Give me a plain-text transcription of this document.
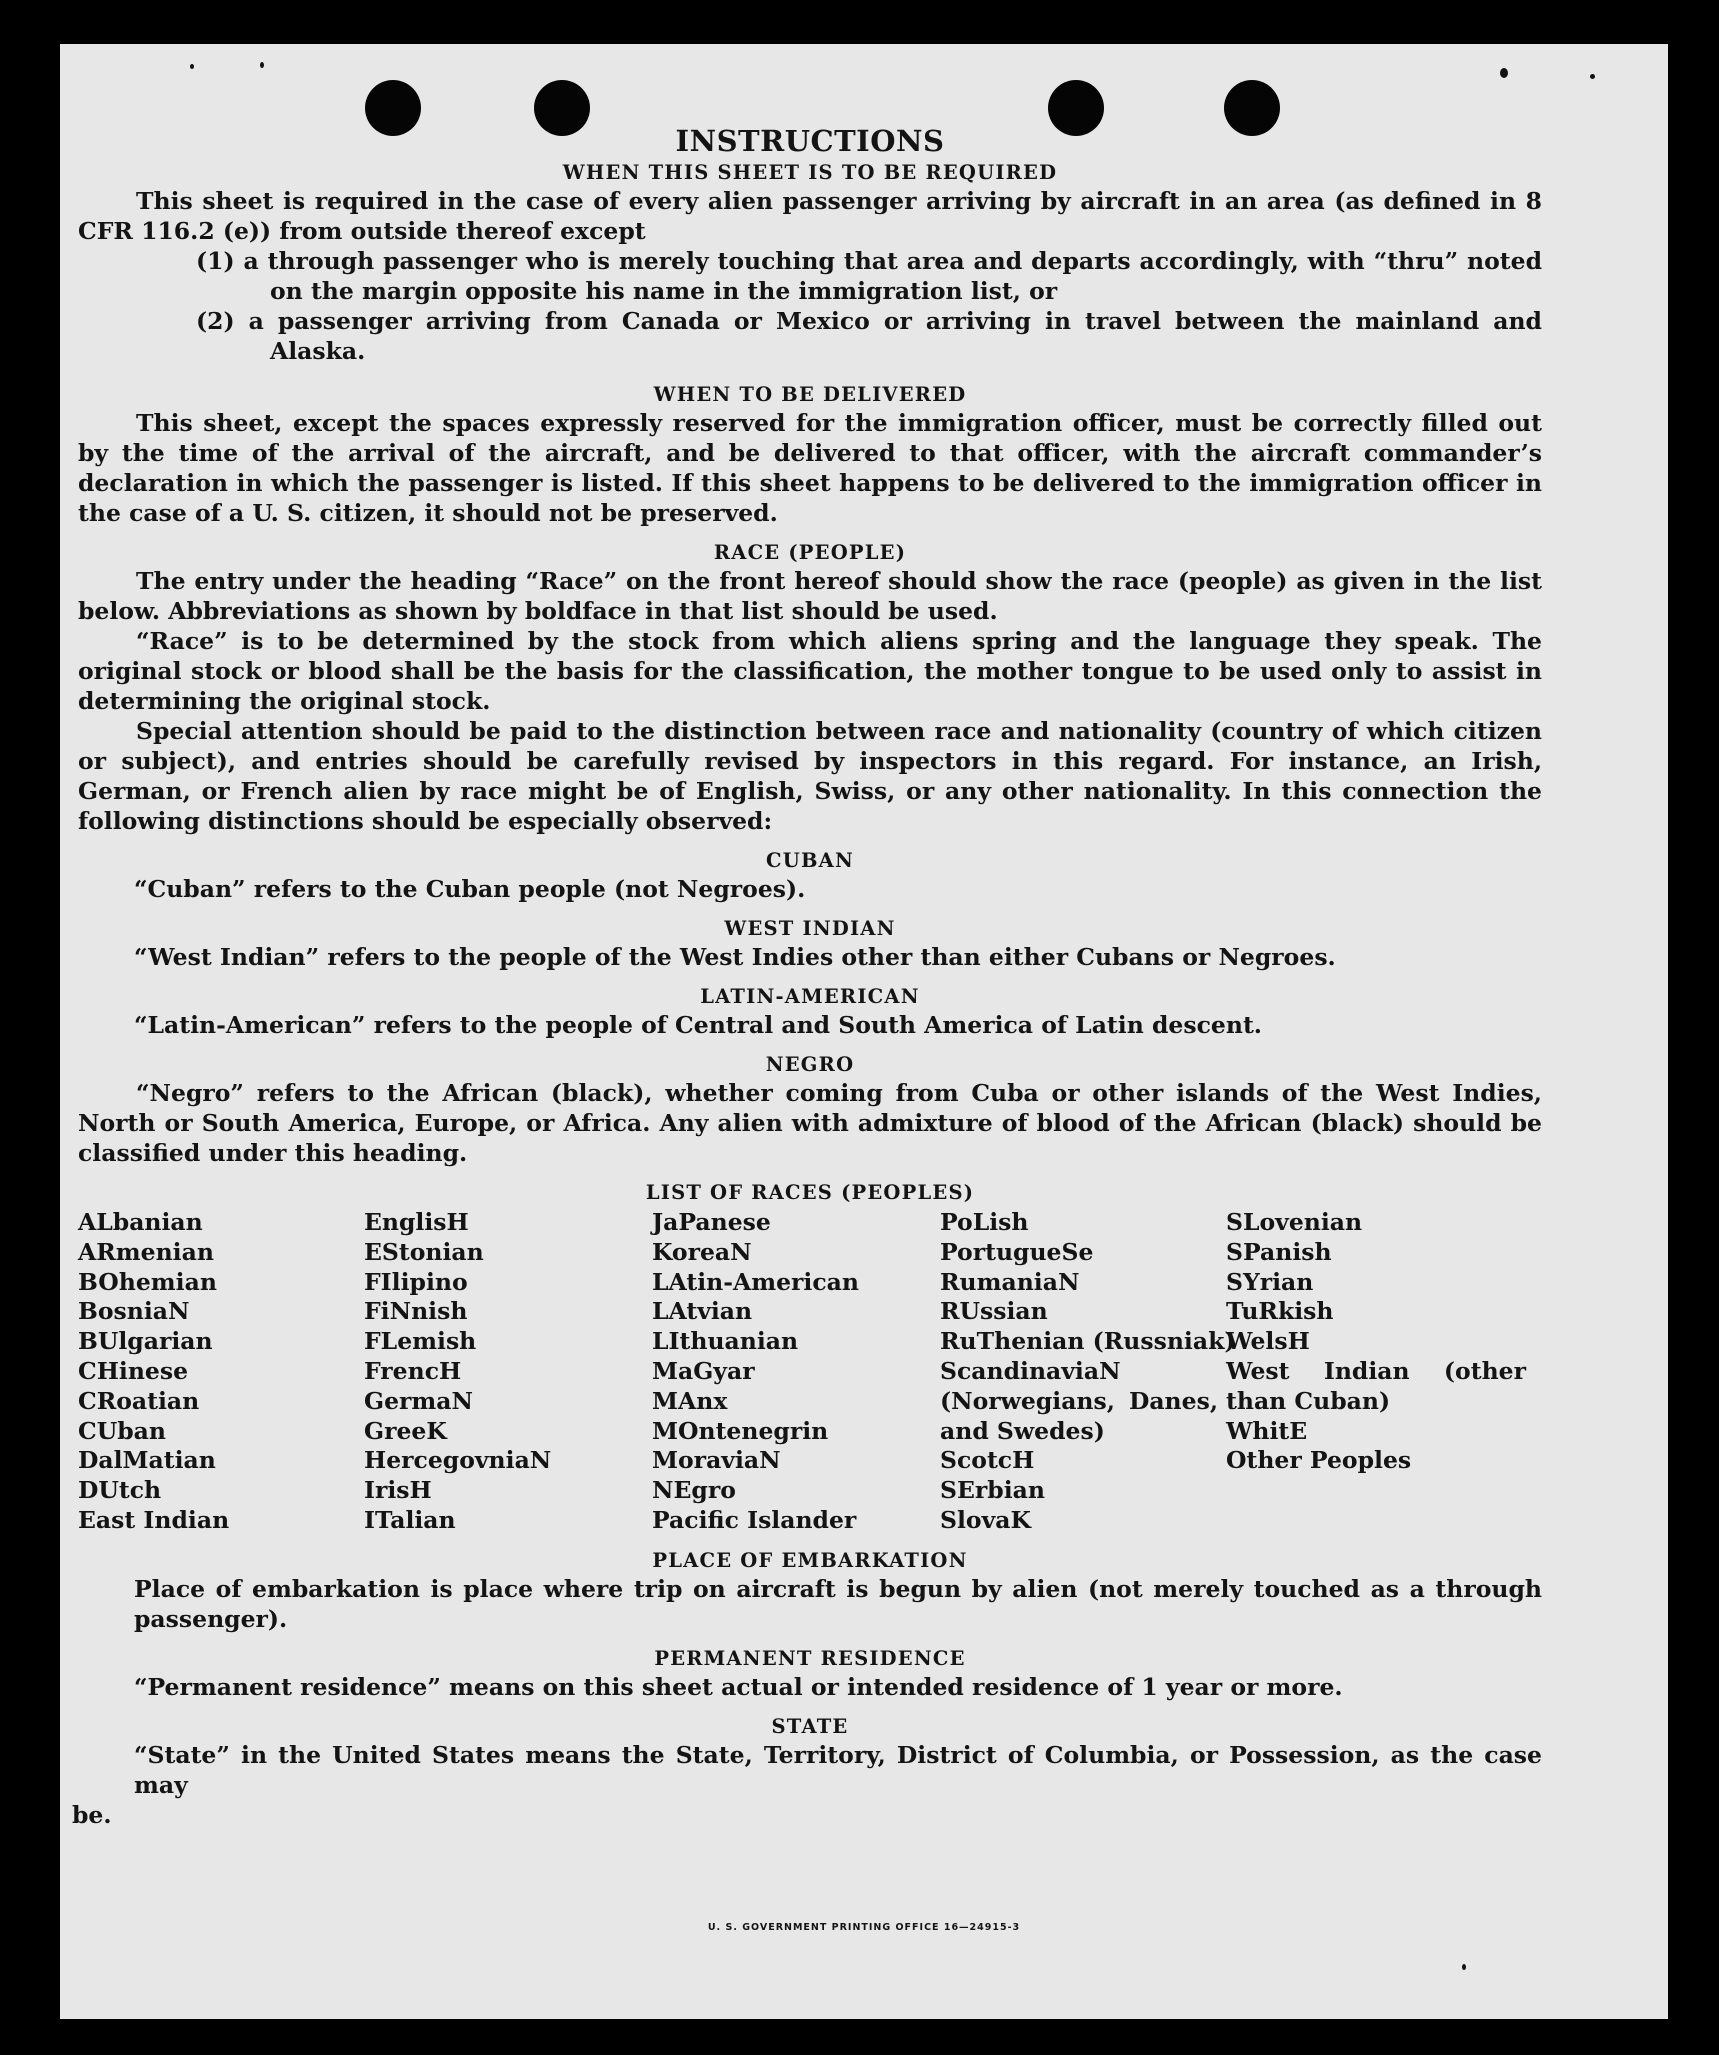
INSTRUCTIONS
WHEN THIS SHEET IS TO BE REQUIRED

This sheet is required in the case of every alien passenger arriving by aircraft in an area (as defined in 8 CFR 116.2 (e)) from outside thereof except

(1) a through passenger who is merely touching that area and departs accordingly, with “thru” noted on the margin opposite his name in the immigration list, or

(2) a passenger arriving from Canada or Mexico or arriving in travel between the mainland and Alaska.

WHEN TO BE DELIVERED

This sheet, except the spaces expressly reserved for the immigration officer, must be correctly filled out by the time of the arrival of the aircraft, and be delivered to that officer, with the aircraft commander’s declaration in which the passenger is listed. If this sheet happens to be delivered to the immigration officer in the case of a U. S. citizen, it should not be preserved.

RACE (PEOPLE)

The entry under the heading “Race” on the front hereof should show the race (people) as given in the list below. Abbreviations as shown by boldface in that list should be used.

“Race” is to be determined by the stock from which aliens spring and the language they speak. The original stock or blood shall be the basis for the classification, the mother tongue to be used only to assist in determining the original stock.

Special attention should be paid to the distinction between race and nationality (country of which citizen or subject), and entries should be carefully revised by inspectors in this regard. For instance, an Irish, German, or French alien by race might be of English, Swiss, or any other nationality. In this connection the following distinctions should be especially observed:

CUBAN

“Cuban” refers to the Cuban people (not Negroes).

WEST INDIAN

“West Indian” refers to the people of the West Indies other than either Cubans or Negroes.

LATIN-AMERICAN

“Latin-American” refers to the people of Central and South America of Latin descent.

NEGRO

“Negro” refers to the African (black), whether coming from Cuba or other islands of the West Indies, North or South America, Europe, or Africa. Any alien with admixture of blood of the African (black) should be classified under this heading.

LIST OF RACES (PEOPLES)
ALbanian
ARmenian
BOhemian
BosniaN
BUlgarian
CHinese
CRoatian
CUban
DalMatian
DUtch
East Indian
EnglisH
EStonian
FIlipino
FiNnish
FLemish
FrencH
GermaN
GreeK
HercegovniaN
IrisH
ITalian
JaPanese
KoreaN
LAtin-American
LAtvian
LIthuanian
MaGyar
MAnx
MOntenegrin
MoraviaN
NEgro
Pacific Islander
PoLish
PortugueSe
RumaniaN
RUssian
RuThenian (Russniak)
ScandinaviaN (Norwegians, Danes, and Swedes)
ScotcH
SErbian
SlovaK
SLovenian
SPanish
SYrian
TuRkish
WelsH
West Indian (other than Cuban)
WhitE
Other Peoples
PLACE OF EMBARKATION

Place of embarkation is place where trip on aircraft is begun by alien (not merely touched as a through passenger).

PERMANENT RESIDENCE

“Permanent residence” means on this sheet actual or intended residence of 1 year or more.

STATE

“State” in the United States means the State, Territory, District of Columbia, or Possession, as the case may

be.

U. S. GOVERNMENT PRINTING OFFICE 16—24915-3
